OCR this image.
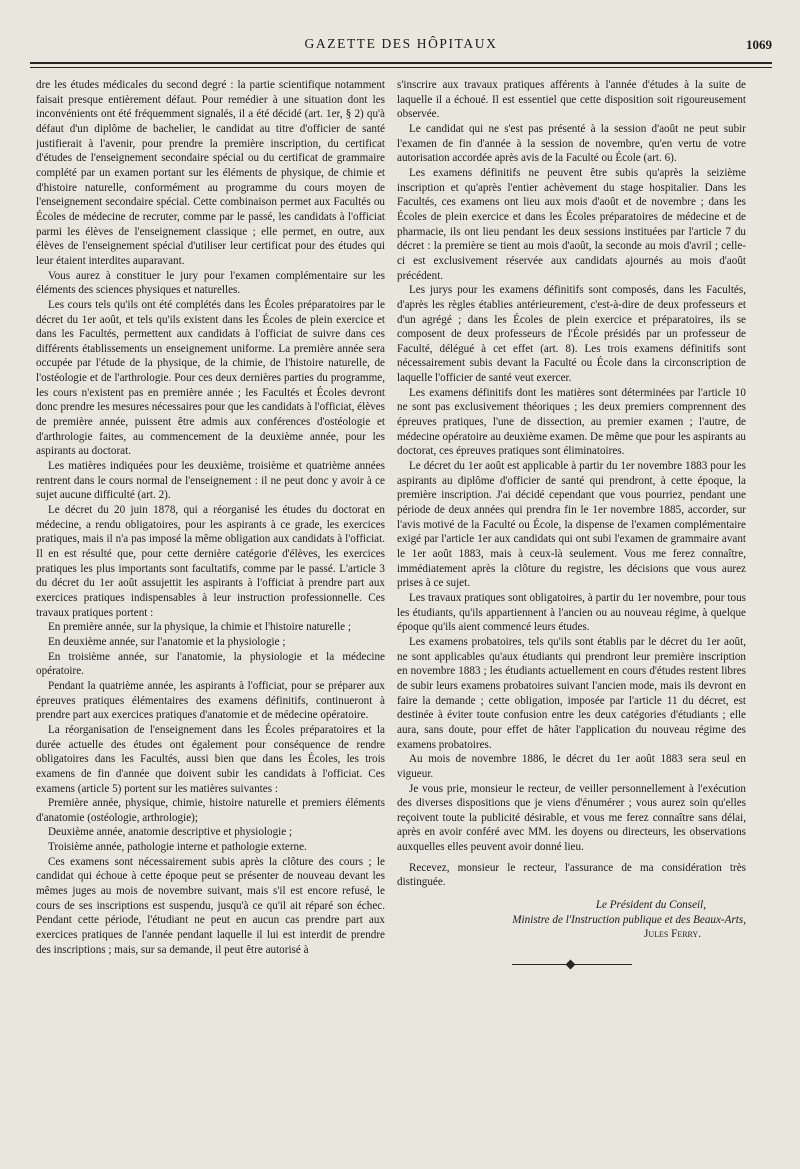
GAZETTE DES HÔPITAUX	1069

dre les études médicales du second degré : la partie scientifique notamment faisait presque entièrement défaut. Pour remédier à une situation dont les inconvénients ont été fréquemment signalés, il a été décidé (art. 1er, § 2) qu'à défaut d'un diplôme de bachelier, le candidat au titre d'officier de santé justifierait à l'avenir, pour prendre la première inscription, du certificat d'études de l'enseignement secondaire spécial ou du certificat de grammaire complété par un examen portant sur les éléments de physique, de chimie et d'histoire naturelle, conformément au programme du cours moyen de l'enseignement secondaire spécial. Cette combinaison permet aux Facultés ou Écoles de médecine de recruter, comme par le passé, les candidats à l'officiat parmi les élèves de l'enseignement classique ; elle permet, en outre, aux élèves de l'enseignement spécial d'utiliser leur certificat pour des études qui leur étaient interdites auparavant.

Vous aurez à constituer le jury pour l'examen complémentaire sur les éléments des sciences physiques et naturelles.

Les cours tels qu'ils ont été complétés dans les Écoles préparatoires par le décret du 1er août, et tels qu'ils existent dans les Écoles de plein exercice et dans les Facultés, permettent aux candidats à l'officiat de suivre dans ces différents établissements un enseignement uniforme. La première année sera occupée par l'étude de la physique, de la chimie, de l'histoire naturelle, de l'ostéologie et de l'arthrologie. Pour ces deux dernières parties du programme, les cours n'existent pas en première année ; les Facultés et Écoles devront donc prendre les mesures nécessaires pour que les candidats à l'officiat, élèves de première année, puissent être admis aux conférences d'ostéologie et d'arthrologie faites, au commencement de la deuxième année, pour les aspirants au doctorat.

Les matières indiquées pour les deuxième, troisième et quatrième années rentrent dans le cours normal de l'enseignement : il ne peut donc y avoir à ce sujet aucune difficulté (art. 2).

Le décret du 20 juin 1878, qui a réorganisé les études du doctorat en médecine, a rendu obligatoires, pour les aspirants à ce grade, les exercices pratiques, mais il n'a pas imposé la même obligation aux candidats à l'officiat. Il en est résulté que, pour cette dernière catégorie d'élèves, les exercices pratiques les plus importants sont facultatifs, comme par le passé. L'article 3 du décret du 1er août assujettit les aspirants à l'officiat à prendre part aux exercices pratiques indispensables à leur instruction professionnelle. Ces travaux pratiques portent :

En première année, sur la physique, la chimie et l'histoire naturelle ;

En deuxième année, sur l'anatomie et la physiologie ;

En troisième année, sur l'anatomie, la physiologie et la médecine opératoire.

Pendant la quatrième année, les aspirants à l'officiat, pour se préparer aux épreuves pratiques élémentaires des examens définitifs, continueront à prendre part aux exercices pratiques d'anatomie et de médecine opératoire.

La réorganisation de l'enseignement dans les Écoles préparatoires et la durée actuelle des études ont également pour conséquence de rendre obligatoires dans les Facultés, aussi bien que dans les Écoles, les trois examens de fin d'année que doivent subir les candidats à l'officiat. Ces examens (article 5) portent sur les matières suivantes :

Première année, physique, chimie, histoire naturelle et premiers éléments d'anatomie (ostéologie, arthrologie);

Deuxième année, anatomie descriptive et physiologie ;

Troisième année, pathologie interne et pathologie externe.

Ces examens sont nécessairement subis après la clôture des cours ; le candidat qui échoue à cette époque peut se présenter de nouveau devant les mêmes juges au mois de novembre suivant, mais s'il est encore refusé, le cours de ses inscriptions est suspendu, jusqu'à ce qu'il ait réparé son échec. Pendant cette période, l'étudiant ne peut en aucun cas prendre part aux exercices pratiques de l'année pendant laquelle il lui est interdit de prendre des inscriptions ; mais, sur sa demande, il peut être autorisé à

s'inscrire aux travaux pratiques afférents à l'année d'études à la suite de laquelle il a échoué. Il est essentiel que cette disposition soit rigoureusement observée.

Le candidat qui ne s'est pas présenté à la session d'août ne peut subir l'examen de fin d'année à la session de novembre, qu'en vertu de votre autorisation accordée après avis de la Faculté ou École (art. 6).

Les examens définitifs ne peuvent être subis qu'après la seizième inscription et qu'après l'entier achèvement du stage hospitalier. Dans les Facultés, ces examens ont lieu aux mois d'août et de novembre ; dans les Écoles de plein exercice et dans les Écoles préparatoires de médecine et de pharmacie, ils ont lieu pendant les deux sessions instituées par l'article 7 du décret : la première se tient au mois d'août, la seconde au mois d'avril ; celle-ci est exclusivement réservée aux candidats ajournés au mois d'août précédent.

Les jurys pour les examens définitifs sont composés, dans les Facultés, d'après les règles établies antérieurement, c'est-à-dire de deux professeurs et d'un agrégé ; dans les Écoles de plein exercice et préparatoires, ils se composent de deux professeurs de l'École présidés par un professeur de Faculté, délégué à cet effet (art. 8). Les trois examens définitifs sont nécessairement subis devant la Faculté ou École dans la circonscription de laquelle l'officier de santé veut exercer.

Les examens définitifs dont les matières sont déterminées par l'article 10 ne sont pas exclusivement théoriques ; les deux premiers comprennent des épreuves pratiques, l'une de dissection, au premier examen ; l'autre, de médecine opératoire au deuxième examen. De même que pour les aspirants au doctorat, ces épreuves pratiques sont éliminatoires.

Le décret du 1er août est applicable à partir du 1er novembre 1883 pour les aspirants au diplôme d'officier de santé qui prendront, à cette époque, la première inscription. J'ai décidé cependant que vous pourriez, pendant une période de deux années qui prendra fin le 1er novembre 1885, accorder, sur l'avis motivé de la Faculté ou École, la dispense de l'examen complémentaire exigé par l'article 1er aux candidats qui ont subi l'examen de grammaire avant le 1er août 1883, mais à ceux-là seulement. Vous me ferez connaître, immédiatement après la clôture du registre, les décisions que vous aurez prises à ce sujet.

Les travaux pratiques sont obligatoires, à partir du 1er novembre, pour tous les étudiants, qu'ils appartiennent à l'ancien ou au nouveau régime, à quelque époque qu'ils aient commencé leurs études.

Les examens probatoires, tels qu'ils sont établis par le décret du 1er août, ne sont applicables qu'aux étudiants qui prendront leur première inscription en novembre 1883 ; les étudiants actuellement en cours d'études restent libres de subir leurs examens probatoires suivant l'ancien mode, mais ils devront en faire la demande ; cette obligation, imposée par l'article 11 du décret, est destinée à éviter toute confusion entre les deux catégories d'étudiants ; elle aura, sans doute, pour effet de hâter l'application du nouveau régime des examens probatoires.

Au mois de novembre 1886, le décret du 1er août 1883 sera seul en vigueur.

Je vous prie, monsieur le recteur, de veiller personnellement à l'exécution des diverses dispositions que je viens d'énumérer ; vous aurez soin qu'elles reçoivent toute la publicité désirable, et vous me ferez connaître sans délai, après en avoir conféré avec MM. les doyens ou directeurs, les observations auxquelles elles peuvent avoir donné lieu.

Recevez, monsieur le recteur, l'assurance de ma considération très distinguée.

Le Président du Conseil,
Ministre de l'Instruction publique et des Beaux-Arts,
Jules Ferry.
